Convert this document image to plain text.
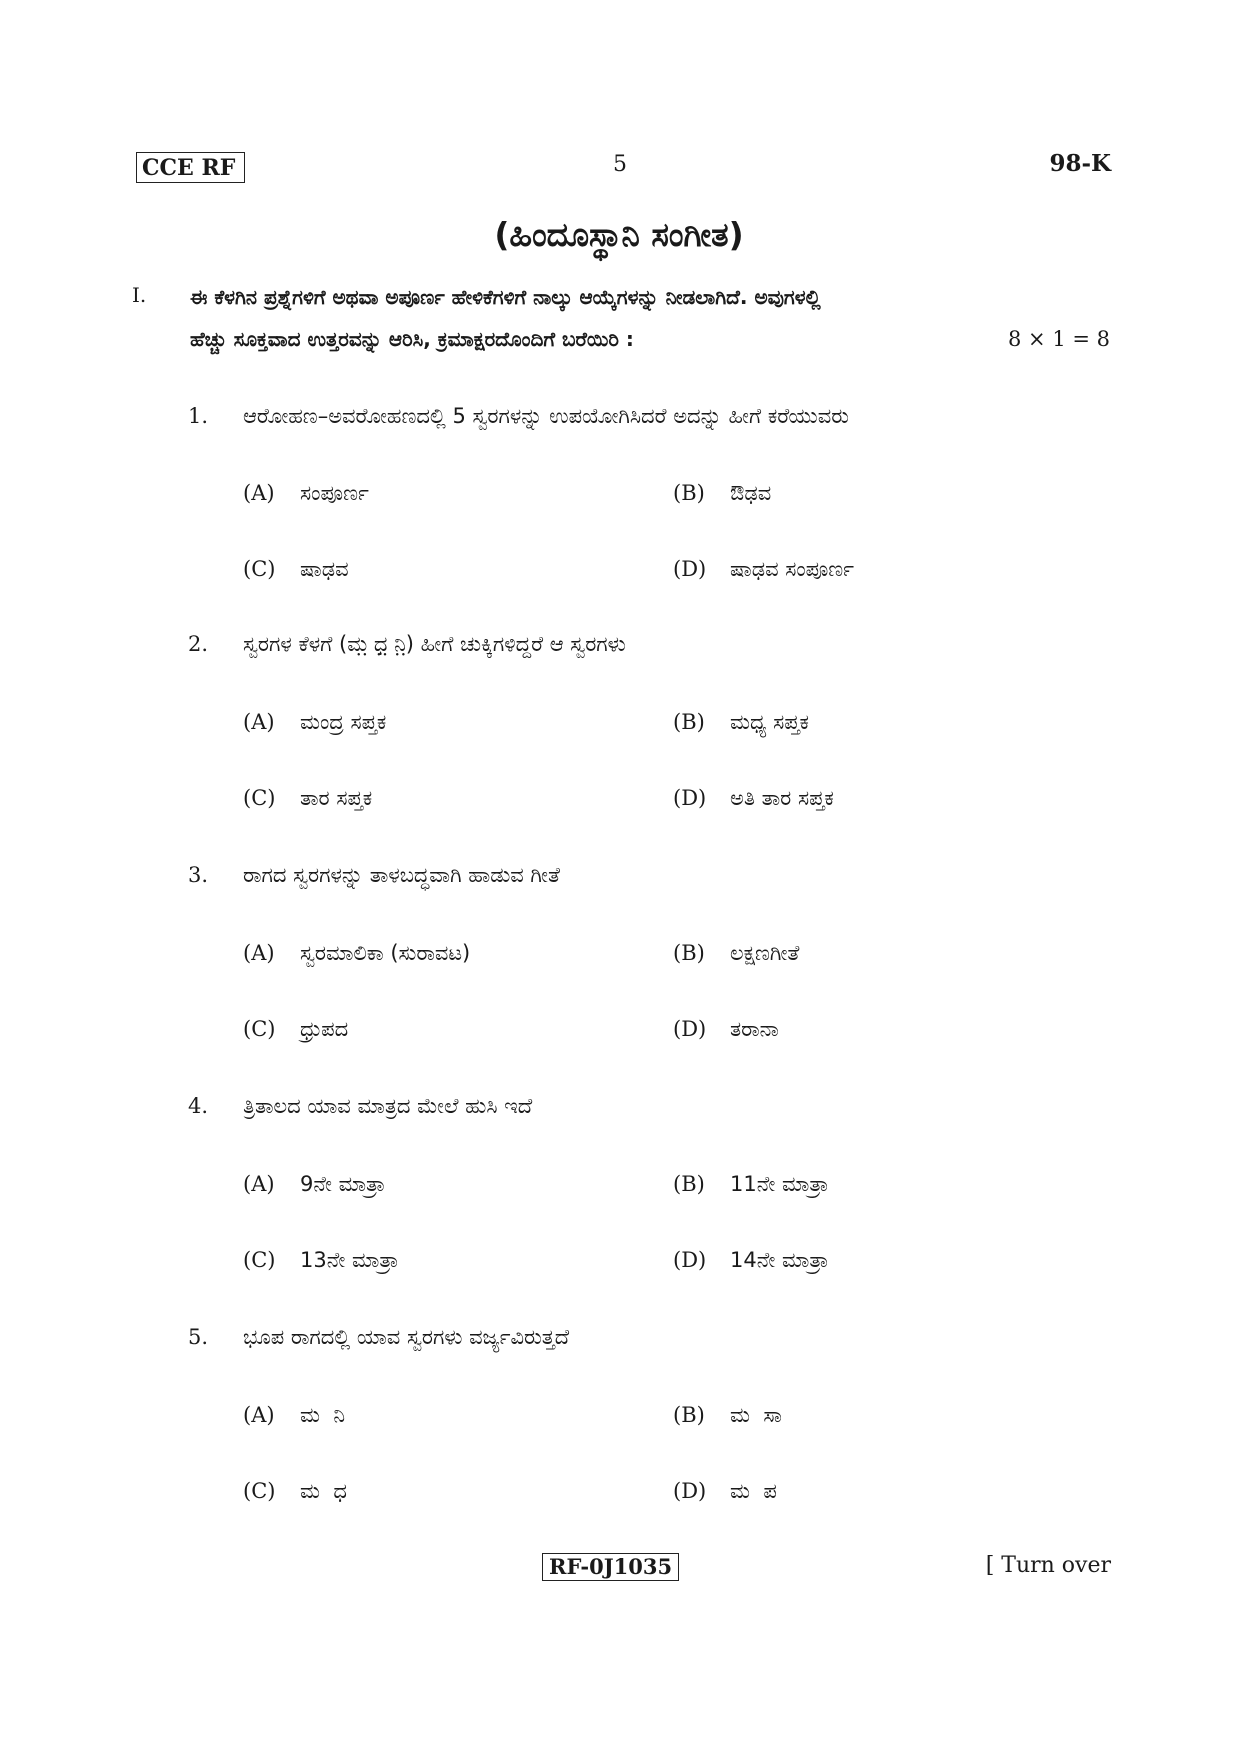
CCE RF	5	98-K
(ಹಿಂದೂಸ್ಥಾನಿ ಸಂಗೀತ)
I. ಈ ಕೆಳಗಿನ ಪ್ರಶ್ನೆಗಳಿಗೆ ಅಥವಾ ಅಪೂರ್ಣ ಹೇಳಿಕೆಗಳಿಗೆ ನಾಲ್ಕು ಆಯ್ಕೆಗಳನ್ನು ನೀಡಲಾಗಿದೆ. ಅವುಗಳಲ್ಲಿ
ಹೆಚ್ಚು ಸೂಕ್ತವಾದ ಉತ್ತರವನ್ನು ಆರಿಸಿ, ಕ್ರಮಾಕ್ಷರದೊಂದಿಗೆ ಬರೆಯಿರಿ :	8 × 1 = 8
1. ಆರೋಹಣ–ಅವರೋಹಣದಲ್ಲಿ 5 ಸ್ವರಗಳನ್ನು ಉಪಯೋಗಿಸಿದರೆ ಅದನ್ನು ಹೀಗೆ ಕರೆಯುವರು
(A) ಸಂಪೂರ್ಣ	(B) ಔಢವ
(C) ಷಾಢವ	(D) ಷಾಢವ ಸಂಪೂರ್ಣ
2. ಸ್ವರಗಳ ಕೆಳಗೆ (ಮ಼ ಧ಼ ನಿ಼) ಹೀಗೆ ಚುಕ್ಕಿಗಳಿದ್ದರೆ ಆ ಸ್ವರಗಳು
(A) ಮಂದ್ರ ಸಪ್ತಕ	(B) ಮಧ್ಯ ಸಪ್ತಕ
(C) ತಾರ ಸಪ್ತಕ	(D) ಅತಿ ತಾರ ಸಪ್ತಕ
3. ರಾಗದ ಸ್ವರಗಳನ್ನು ತಾಳಬದ್ಧವಾಗಿ ಹಾಡುವ ಗೀತೆ
(A) ಸ್ವರಮಾಲಿಕಾ (ಸುರಾವಟ)	(B) ಲಕ್ಷಣಗೀತೆ
(C) ಧ್ರುಪದ	(D) ತರಾನಾ
4. ತ್ರಿತಾಲದ ಯಾವ ಮಾತ್ರದ ಮೇಲೆ ಹುಸಿ ಇದೆ
(A) 9ನೇ ಮಾತ್ರಾ	(B) 11ನೇ ಮಾತ್ರಾ
(C) 13ನೇ ಮಾತ್ರಾ	(D) 14ನೇ ಮಾತ್ರಾ
5. ಭೂಪ ರಾಗದಲ್ಲಿ ಯಾವ ಸ್ವರಗಳು ವರ್ಜ್ಯವಿರುತ್ತದೆ
(A) ಮ  ನಿ	(B) ಮ  ಸಾ
(C) ಮ  ಧ	(D) ಮ  ಪ
RF-0J1035	[ Turn over
